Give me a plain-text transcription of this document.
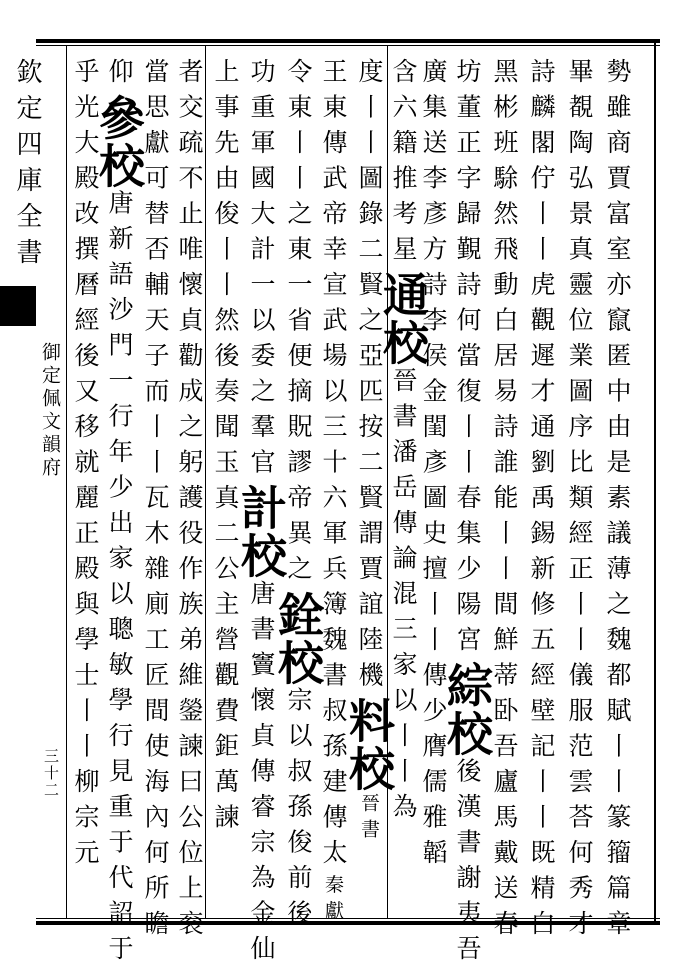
欽定四庫全書
御定佩文韻府
三十二	勢雖商賈富室亦竄匿中由是素議薄之魏都賦丨丨篆籀篇章
畢覩陶弘景真靈位業圖序比類經正丨丨儀服范雲荅何秀才
詩麟閣佇丨丨虎觀遲才通劉禹錫新修五經壁記丨丨既精白
黑彬班駼然飛動白居易詩誰能丨丨間鮮蒂卧吾廬馬戴送春
坊董正字歸覲詩何當復丨丨春集少陽宮綜校後漢書謝夷吾
廣集送李彥方詩李侯金閨彥圖史擅丨丨傳少膺儒雅韜
含六籍推考星通校晉書潘岳傳論混三家以丨丨為
度丨丨圖錄二賢之亞匹按二賢謂賈誼陸機料校晉書
王東傳武帝幸宣武場以三十六軍兵簿魏書叔孫建傳太秦獻
令東丨丨之東一省便摘貺謬帝異之銓校宗以叔孫俊前後
功重軍國大計一以委之羣官計校唐書竇懷貞傳睿宗為金仙
上事先由俊丨丨然後奏聞玉真二公主營觀費鉅萬諫
者交疏不止唯懷貞勸成之躬護役作族弟維鎣諫曰公位上衮
當思獻可替否輔天子而丨丨瓦木雜廁工匠間使海內何所瞻
仰參校唐新語沙門一行年少出家以聰敏學行見重于代詔于
乎光大殿改撰曆經後又移就麗正殿與學士丨丨柳宗元
